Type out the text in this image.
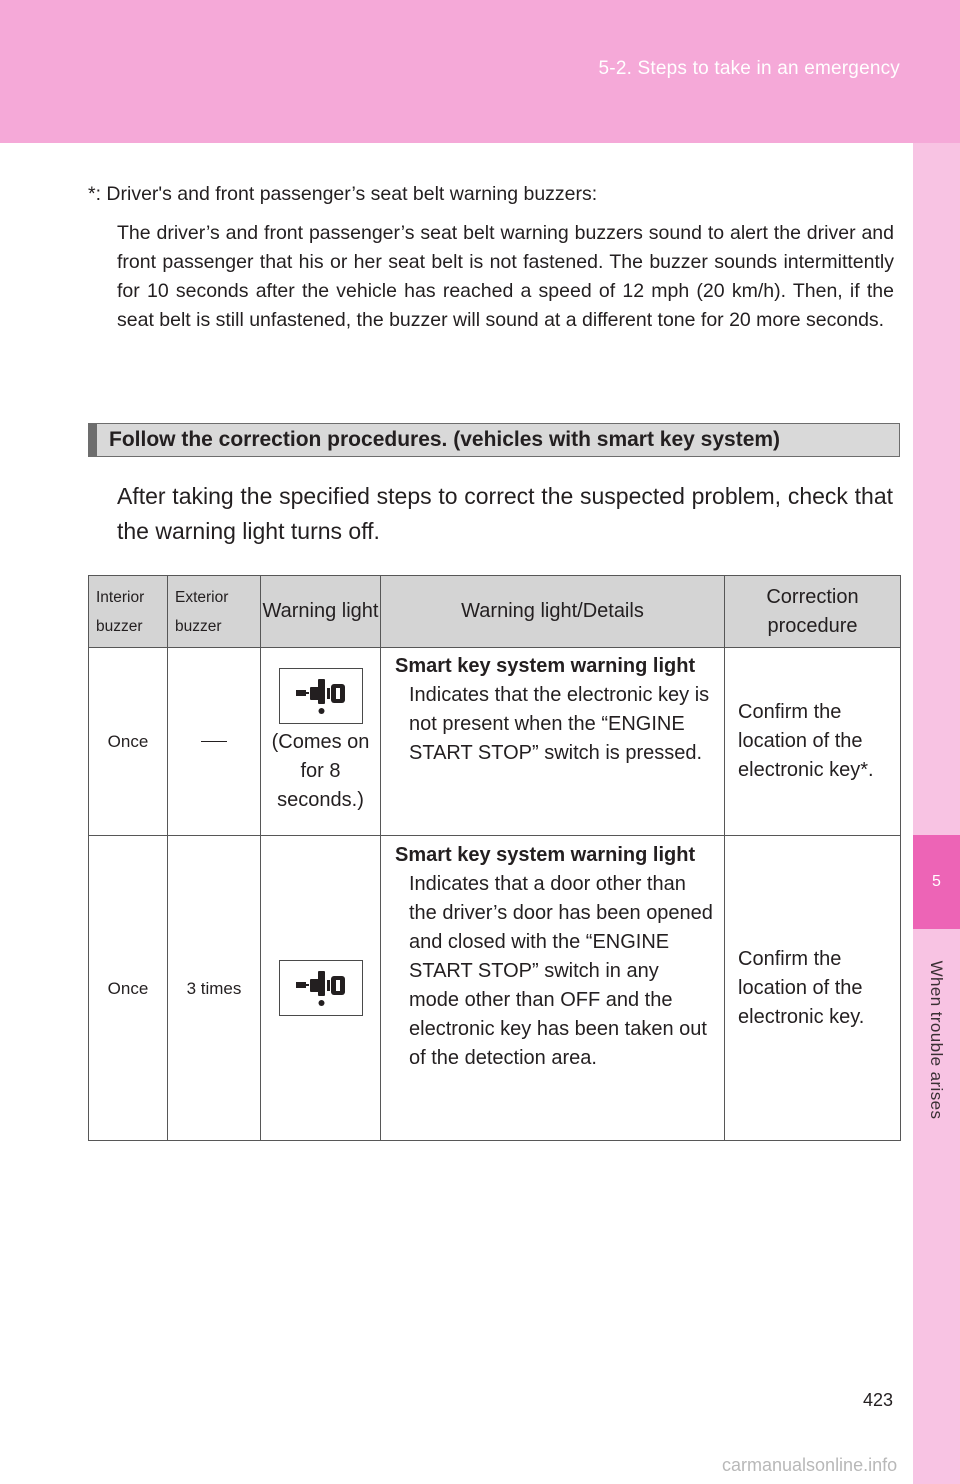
5-2. Steps to take in an emergency
5
When trouble arises
*: Driver's and front passenger’s seat belt warning buzzers:
The driver’s and front passenger’s seat belt warning buzzers sound to alert the driver and front passenger that his or her seat belt is not fastened. The buzzer sounds intermittently for 10 seconds after the vehicle has reached a speed of 12 mph (20 km/h). Then, if the seat belt is still unfastened, the buzzer will sound at a different tone for 20 more seconds.
Follow the correction procedures. (vehicles with smart key system)
After taking the specified steps to correct the suspected problem, check that the warning light turns off.
Interior
buzzer	Exterior
buzzer	Warning light	Warning light/Details	Correction procedure
Once		(Comes on for 8 seconds.)	Smart key system warning light
Indicates that the electronic key is not present when the “ENGINE START STOP” switch is pressed.	Confirm the location of the electronic key*.
Once	3 times		Smart key system warning light
Indicates that a door other than the driver’s door has been opened and closed with the “ENGINE START STOP” switch in any mode other than OFF and the electronic key has been taken out of the detection area.	Confirm the location of the electronic key.
423
carmanualsonline.info
